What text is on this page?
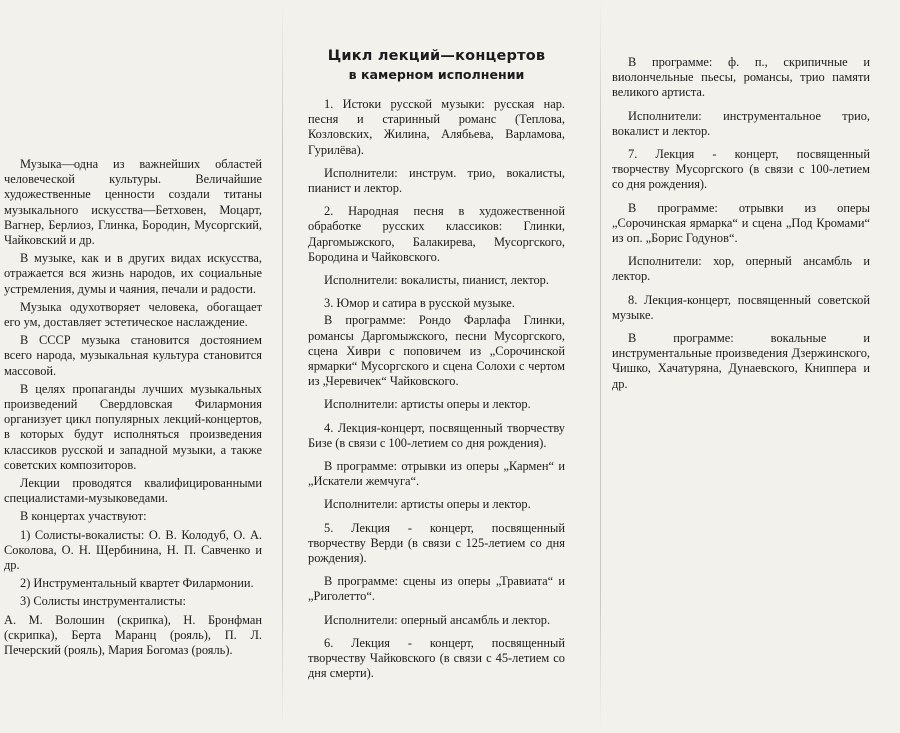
Музыка—одна из важнейших областей человеческой культуры. Величайшие художественные ценности создали титаны музыкального искусства—Бетховен, Моцарт, Вагнер, Берлиоз, Глинка, Бородин, Мусоргский, Чайковский и др.

В музыке, как и в других видах искусства, отражается вся жизнь народов, их социальные устремления, думы и чаяния, печали и радости.

Музыка одухотворяет человека, обогащает его ум, доставляет эстетическое наслаждение.

В СССР музыка становится достоянием всего народа, музыкальная культура становится массовой.

В целях пропаганды лучших музыкальных произведений Свердловская Филармония организует цикл популярных лекций-концертов, в которых будут исполняться произведения классиков русской и западной музыки, а также советских композиторов.

Лекции проводятся квалифицированными специалистами-музыковедами.

В концертах участвуют:

1) Солисты-вокалисты: О. В. Колодуб, О. А. Соколова, О. Н. Щербинина, Н. П. Савченко и др.

2) Инструментальный квартет Филармонии.

3) Солисты инструменталисты:

А. М. Волошин (скрипка), Н. Бронфман (скрипка), Берта Маранц (рояль), П. Л. Печерский (рояль), Мария Богомаз (рояль).

Цикл лекций—концертов
в камерном исполнении

1. Истоки русской музыки: русская нар. песня и старинный романс (Теплова, Козловских, Жилина, Алябьева, Варламова, Гурилёва).

Исполнители: инструм. трио, вокалисты, пианист и лектор.

2. Народная песня в художественной обработке русских классиков: Глинки, Даргомыжского, Балакирева, Мусоргского, Бородина и Чайковского.

Исполнители: вокалисты, пианист, лектор.

3. Юмор и сатира в русской музыке.

В программе: Рондо Фарлафа Глинки, романсы Даргомыжского, песни Мусоргского, сцена Хиври с поповичем из „Сорочинской ярмарки“ Мусоргского и сцена Солохи с чертом из „Черевичек“ Чайковского.

Исполнители: артисты оперы и лектор.

4. Лекция-концерт, посвященный творчеству Бизе (в связи с 100-летием со дня рождения).

В программе: отрывки из оперы „Кармен“ и „Искатели жемчуга“.

Исполнители: артисты оперы и лектор.

5. Лекция - концерт, посвященный творчеству Верди (в связи с 125-летием со дня рождения).

В программе: сцены из оперы „Травиата“ и „Риголетто“.

Исполнители: оперный ансамбль и лектор.

6. Лекция - концерт, посвященный творчеству Чайковского (в связи с 45-летием со дня смерти).

В программе: ф. п., скрипичные и виолончельные пьесы, романсы, трио памяти великого артиста.

Исполнители: инструментальное трио, вокалист и лектор.

7. Лекция - концерт, посвященный творчеству Мусоргского (в связи с 100-летием со дня рождения).

В программе: отрывки из оперы „Сорочинская ярмарка“ и сцена „Под Кромами“ из оп. „Борис Годунов“.

Исполнители: хор, оперный ансамбль и лектор.

8. Лекция-концерт, посвященный советской музыке.

В программе: вокальные и инструментальные произведения Дзержинского, Чишко, Хачатуряна, Дунаевского, Книппера и др.
